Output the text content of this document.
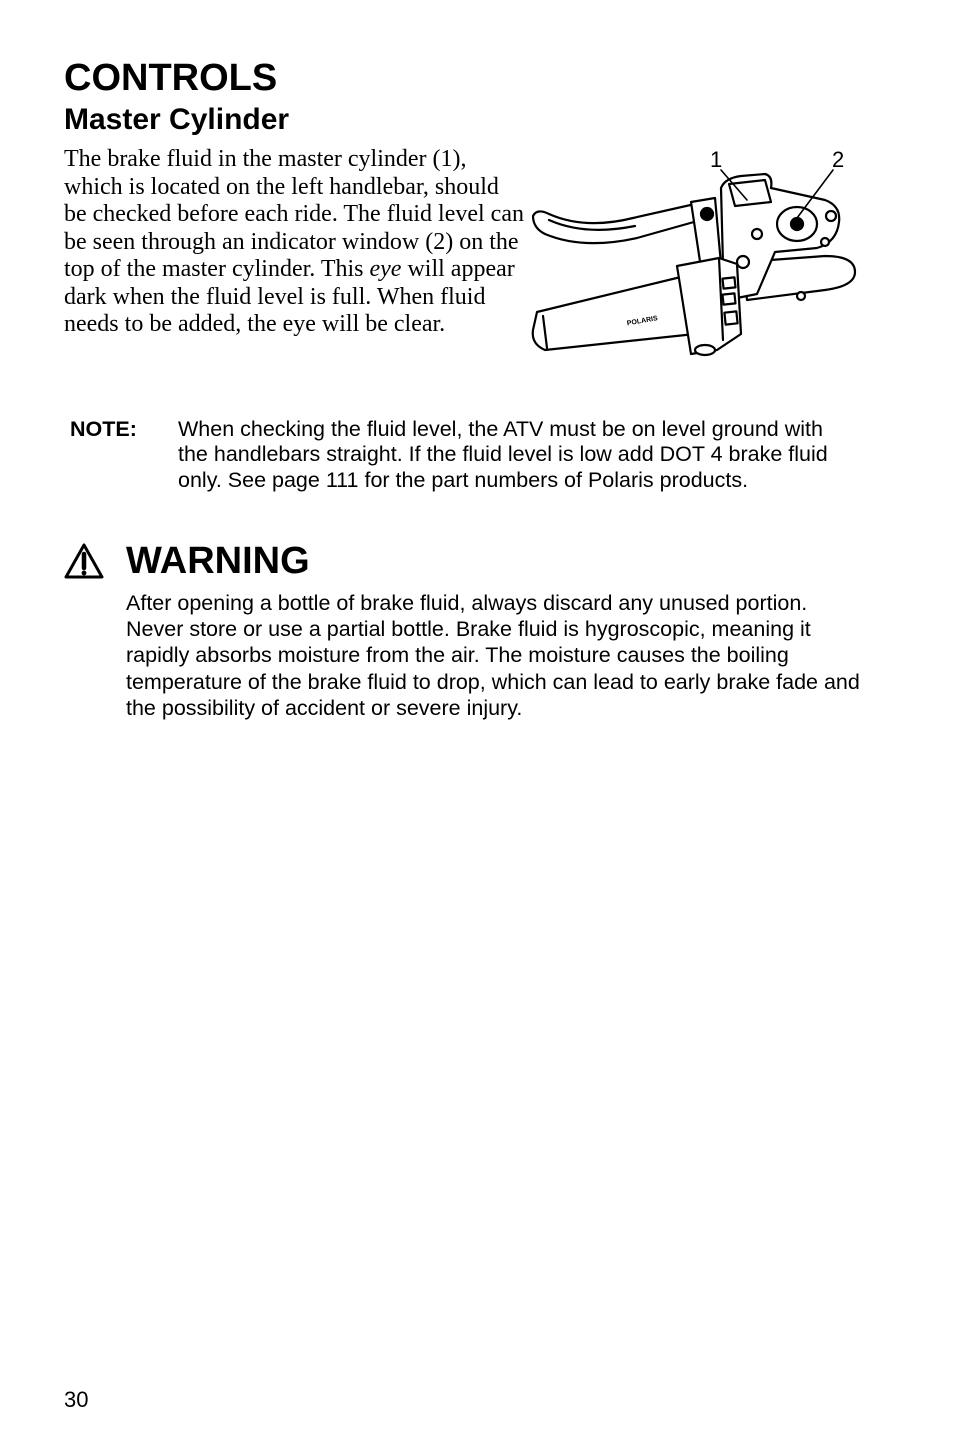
CONTROLS
Master Cylinder

The brake fluid in the master cylinder (1), which is located on the left handlebar, should be checked before each ride. The fluid level can be seen through an indicator window (2) on the top of the master cylinder. This eye will appear dark when the fluid level is full. When fluid needs to be added, the eye will be clear.

1	2
POLARIS
NOTE: When checking the fluid level, the ATV must be on level ground with the handlebars straight. If the fluid level is low add DOT 4 brake fluid only. See page 111 for the part numbers of Polaris products.
WARNING

After opening a bottle of brake fluid, always discard any unused portion. Never store or use a partial bottle. Brake fluid is hygroscopic, meaning it rapidly absorbs moisture from the air. The moisture causes the boiling temperature of the brake fluid to drop, which can lead to early brake fade and the possibility of accident or severe injury.

30
